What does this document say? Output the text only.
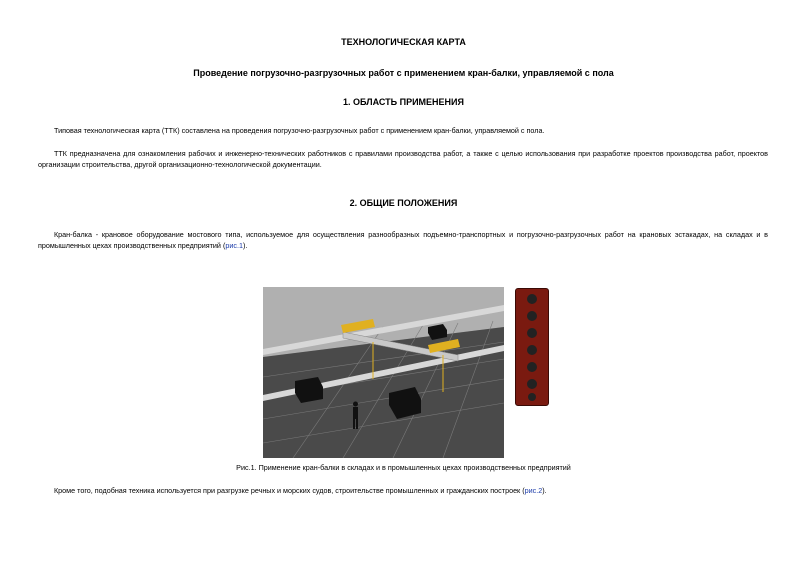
ТЕХНОЛОГИЧЕСКАЯ КАРТА
Проведение погрузочно-разгрузочных работ с применением кран-балки, управляемой с пола
1. ОБЛАСТЬ ПРИМЕНЕНИЯ
Типовая технологическая карта (ТТК) составлена на проведения погрузочно-разгрузочных работ с применением кран-балки, управляемой с пола.
ТТК предназначена для ознакомления рабочих и инженерно-технических работников с правилами производства работ, а также с целью использования при разработке проектов производства работ, проектов организации строительства, другой организационно-технологической документации.
2. ОБЩИЕ ПОЛОЖЕНИЯ
Кран-балка - крановое оборудование мостового типа, используемое для осуществления разнообразных подъемно-транспортных и погрузочно-разгрузочных работ на крановых эстакадах, на складах и в промышленных цехах производственных предприятий (рис.1).
Рис.1. Применение кран-балки в складах и в промышленных цехах производственных предприятий
Кроме того, подобная техника используется при разгрузке речных и морских судов, строительстве промышленных и гражданских построек (рис.2).
